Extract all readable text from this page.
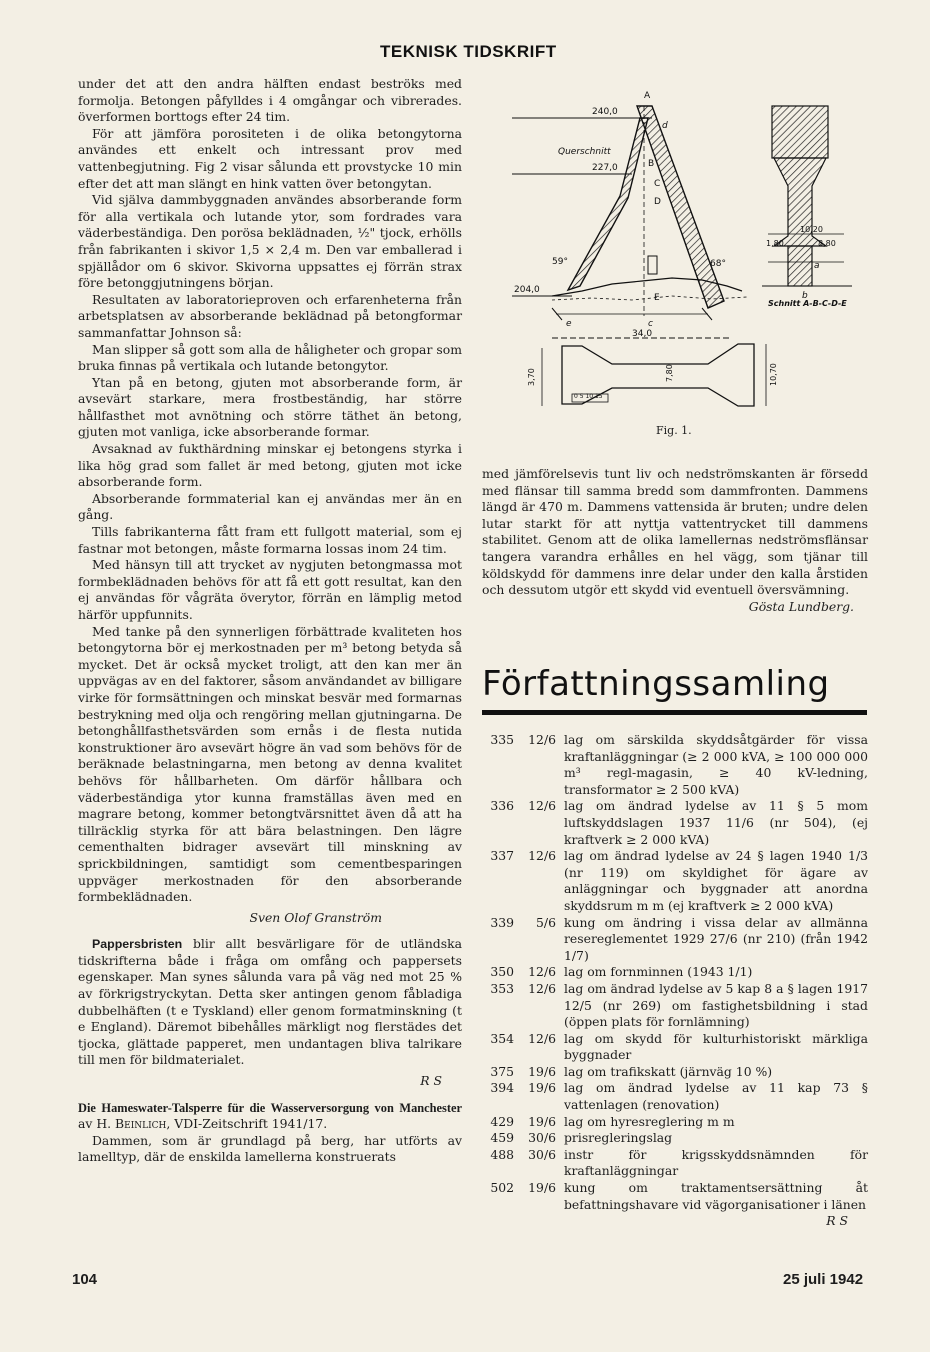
TEKNISK TIDSKRIFT

under det att den andra hälften endast beströks med formolja. Betongen påfylldes i 4 omgångar och vibrerades. överformen borttogs efter 24 tim.

För att jämföra porositeten i de olika betongytorna användes ett enkelt och intressant prov med vattenbegjutning. Fig 2 visar sålunda ett provstycke 10 min efter det att man slängt en hink vatten över betongytan.

Vid själva dammbyggnaden användes absorberande form för alla vertikala och lutande ytor, som fordrades vara väderbeständiga. Den porösa beklädnaden, ½" tjock, erhölls från fabrikanten i skivor 1,5 × 2,4 m. Den var emballerad i spjällådor om 6 skivor. Skivorna uppsattes ej förrän strax före betonggjutningens början.

Resultaten av laboratorieproven och erfarenheterna från arbetsplatsen av absorberande beklädnad på betongformar sammanfattar Johnson så:

Man slipper så gott som alla de håligheter och gropar som bruka finnas på vertikala och lutande betongytor.

Ytan på en betong, gjuten mot absorberande form, är avsevärt starkare, mera frostbeständig, har större hållfasthet mot avnötning och större täthet än betong, gjuten mot vanliga, icke absorberande formar.

Avsaknad av fukthärdning minskar ej betongens styrka i lika hög grad som fallet är med betong, gjuten mot icke absorberande form.

Absorberande formmaterial kan ej användas mer än en gång.

Tills fabrikanterna fått fram ett fullgott material, som ej fastnar mot betongen, måste formarna lossas inom 24 tim.

Med hänsyn till att trycket av nygjuten betongmassa mot formbeklädnaden behövs för att få ett gott resultat, kan den ej användas för vågräta överytor, förrän en lämplig metod härför uppfunnits.

Med tanke på den synnerligen förbättrade kvaliteten hos betongytorna bör ej merkostnaden per m³ betong betyda så mycket. Det är också mycket troligt, att den kan mer än uppvägas av en del faktorer, såsom användandet av billigare virke för formsättningen och minskat besvär med formarnas bestrykning med olja och rengöring mellan gjutningarna. De betonghållfasthetsvärden som ernås i de flesta nutida konstruktioner äro avsevärt högre än vad som behövs för de beräknade belastningarna, men betong av denna kvalitet behövs för hållbarheten. Om därför hållbara och väderbeständiga ytor kunna framställas även med en magrare betong, kommer betongtvärsnittet även då att ha tillräcklig styrka för att bära belastningen. Den lägre cementhalten bidrager avsevärt till minskning av sprickbildningen, samtidigt som cementbesparingen uppväger merkostnaden för den absorberande formbeklädnaden.

Sven Olof Granström

Pappersbristen blir allt besvärligare för de utländska tidskrifterna både i fråga om omfång och pappersets egenskaper. Man synes sålunda vara på väg ned mot 25 % av förkrigstryckytan. Detta sker antingen genom fåbladiga dubbelhäften (t e Tyskland) eller genom formatminskning (t e England). Däremot bibehålles märkligt nog flerstädes det tjocka, glättade papperet, men undantagen bliva talrikare till men för bildmaterialet.

R S

Die Hameswater-Talsperre für die Wasserversorgung von Manchester av H. Beinlich, VDI-Zeitschrift 1941/17.

Dammen, som är grundlagd på berg, har utförts av lamelltyp, där de enskilda lamellerna konstruerats

Querschnitt
Schnitt A-B-C-D-E
240,0
227,0
204,0
34,0
3,70	7,80	10,70
10,20
1,80	8,80
59°	68°
0 5 10 15
A
B
C
D
E
a
b
c
d
e
Fig. 1.

med jämförelsevis tunt liv och nedströmskanten är försedd med flänsar till samma bredd som dammfronten. Dammens längd är 470 m. Dammens vattensida är bruten; undre delen lutar starkt för att nyttja vattentrycket till dammens stabilitet. Genom att de olika lamellernas nedströmsflänsar tangera varandra erhålles en hel vägg, som tjänar till köldskydd för dammens inre delar under den kalla årstiden och dessutom utgör ett skydd vid eventuell översvämning.

Gösta Lundberg.
Författningssamling
335	12/6 lag om särskilda skyddsåtgärder för vissa kraftanläggningar (≥ 2 000 kVA, ≥ 100 000 000 m³ regl-magasin, ≥ 40 kV-ledning, transformator ≥ 2 500 kVA)
336	12/6 lag om ändrad lydelse av 11 § 5 mom luftskyddslagen 1937 11/6 (nr 504), (ej kraftverk ≥ 2 000 kVA)
337	12/6 lag om ändrad lydelse av 24 § lagen 1940 1/3 (nr 119) om skyldighet för ägare av anläggningar och byggnader att anordna skyddsrum m m (ej kraftverk ≥ 2 000 kVA)
339	5/6 kung om ändring i vissa delar av allmänna resereglementet 1929 27/6 (nr 210) (från 1942 1/7)
350	12/6 lag om fornminnen (1943 1/1)
353	12/6 lag om ändrad lydelse av 5 kap 8 a § lagen 1917 12/5 (nr 269) om fastighetsbildning i stad (öppen plats för fornlämning)
354	12/6 lag om skydd för kulturhistoriskt märkliga byggnader
375	19/6 lag om trafikskatt (järnväg 10 %)
394	19/6 lag om ändrad lydelse av 11 kap 73 § vattenlagen (renovation)
429	19/6 lag om hyresreglering m m
459	30/6 prisregleringslag
488	30/6 instr för krigsskyddsnämnden för kraftanläggningar
502	19/6 kung om traktamentsersättning åt befattningshavare vid vägorganisationer i länen
R S
104	25 juli 1942
